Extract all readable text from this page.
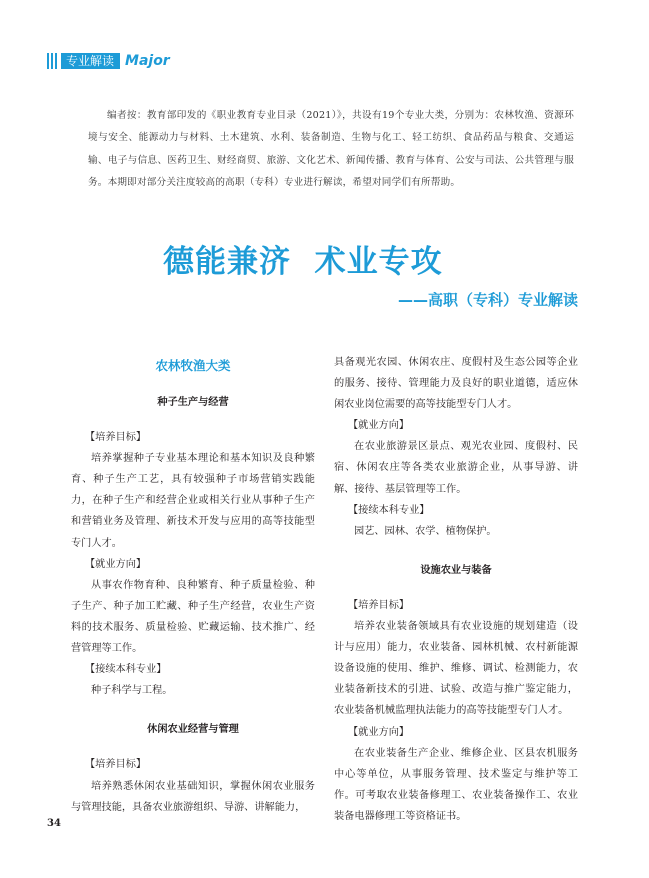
专业解读 Major

编者按：教育部印发的《职业教育专业目录（2021）》，共设有19个专业大类，分别为：农林牧渔、资源环境与安全、能源动力与材料、土木建筑、水利、装备制造、生物与化工、轻工纺织、食品药品与粮食、交通运输、电子与信息、医药卫生、财经商贸、旅游、文化艺术、新闻传播、教育与体育、公安与司法、公共管理与服务。本期即对部分关注度较高的高职（专科）专业进行解读，希望对同学们有所帮助。

德能兼济  术业专攻
——高职（专科）专业解读

农林牧渔大类

种子生产与经营

【培养目标】

培养掌握种子专业基本理论和基本知识及良种繁育、种子生产工艺，具有较强种子市场营销实践能力，在种子生产和经营企业或相关行业从事种子生产和营销业务及管理、新技术开发与应用的高等技能型专门人才。

【就业方向】

从事农作物育种、良种繁育、种子质量检验、种子生产、种子加工贮藏、种子生产经营，农业生产资料的技术服务、质量检验、贮藏运输、技术推广、经营管理等工作。

【接续本科专业】

种子科学与工程。

休闲农业经营与管理

【培养目标】

培养熟悉休闲农业基础知识，掌握休闲农业服务与管理技能，具备农业旅游组织、导游、讲解能力，

具备观光农园、休闲农庄、度假村及生态公园等企业的服务、接待、管理能力及良好的职业道德，适应休闲农业岗位需要的高等技能型专门人才。

【就业方向】

在农业旅游景区景点、观光农业园、度假村、民宿、休闲农庄等各类农业旅游企业，从事导游、讲解、接待、基层管理等工作。

【接续本科专业】

园艺、园林、农学、植物保护。

设施农业与装备

【培养目标】

培养农业装备领域具有农业设施的规划建造（设计与应用）能力，农业装备、园林机械、农村新能源设备设施的使用、维护、维修、调试、检测能力，农业装备新技术的引进、试验、改造与推广鉴定能力，农业装备机械监理执法能力的高等技能型专门人才。

【就业方向】

在农业装备生产企业、维修企业、区县农机服务中心等单位，从事服务管理、技术鉴定与维护等工作。可考取农业装备修理工、农业装备操作工、农业装备电器修理工等资格证书。

34
